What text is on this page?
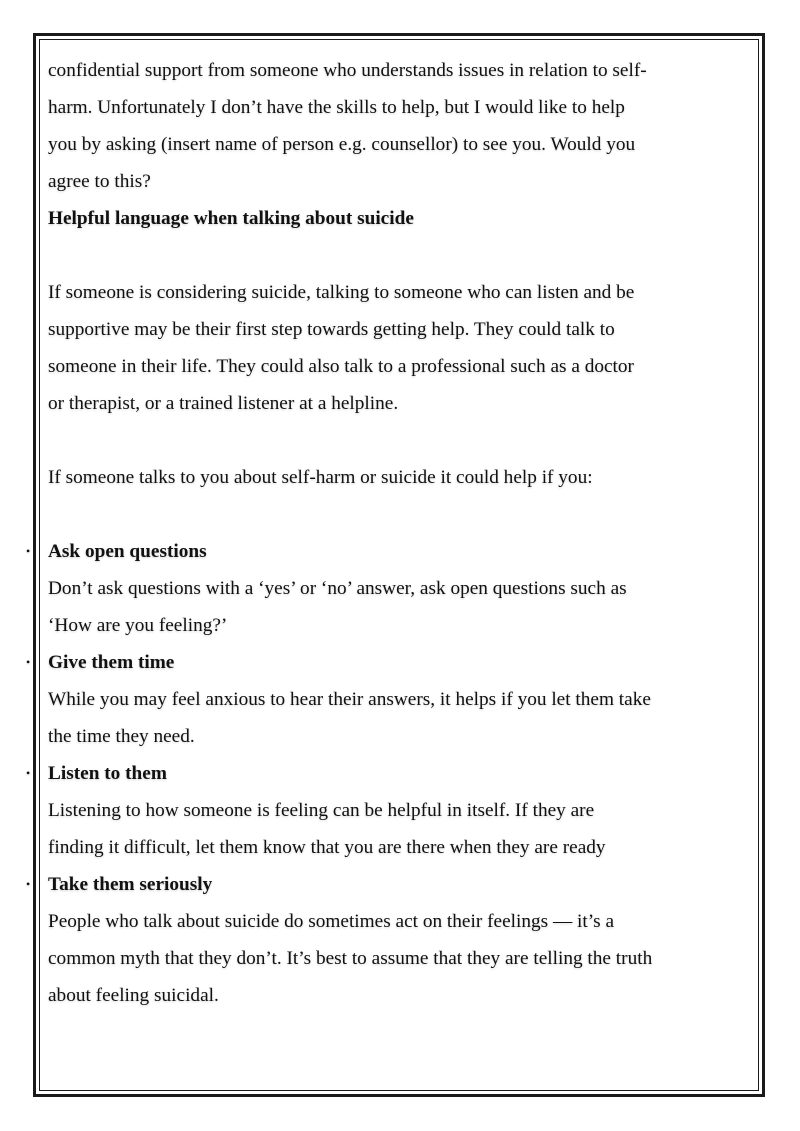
confidential support from someone who understands issues in relation to self-
harm. Unfortunately I don’t have the skills to help, but I would like to help
you by asking (insert name of person e.g. counsellor) to see you. Would you
agree to this?
Helpful language when talking about suicide
If someone is considering suicide, talking to someone who can listen and be
supportive may be their first step towards getting help. They could talk to
someone in their life. They could also talk to a professional such as a doctor
or therapist, or a trained listener at a helpline.
If someone talks to you about self-harm or suicide it could help if you:
• Ask open questions
Don’t ask questions with a ‘yes’ or ‘no’ answer, ask open questions such as
‘How are you feeling?’
• Give them time
While you may feel anxious to hear their answers, it helps if you let them take
the time they need.
• Listen to them
Listening to how someone is feeling can be helpful in itself. If they are
finding it difficult, let them know that you are there when they are ready
• Take them seriously
People who talk about suicide do sometimes act on their feelings — it’s a
common myth that they don’t. It’s best to assume that they are telling the truth
about feeling suicidal.
